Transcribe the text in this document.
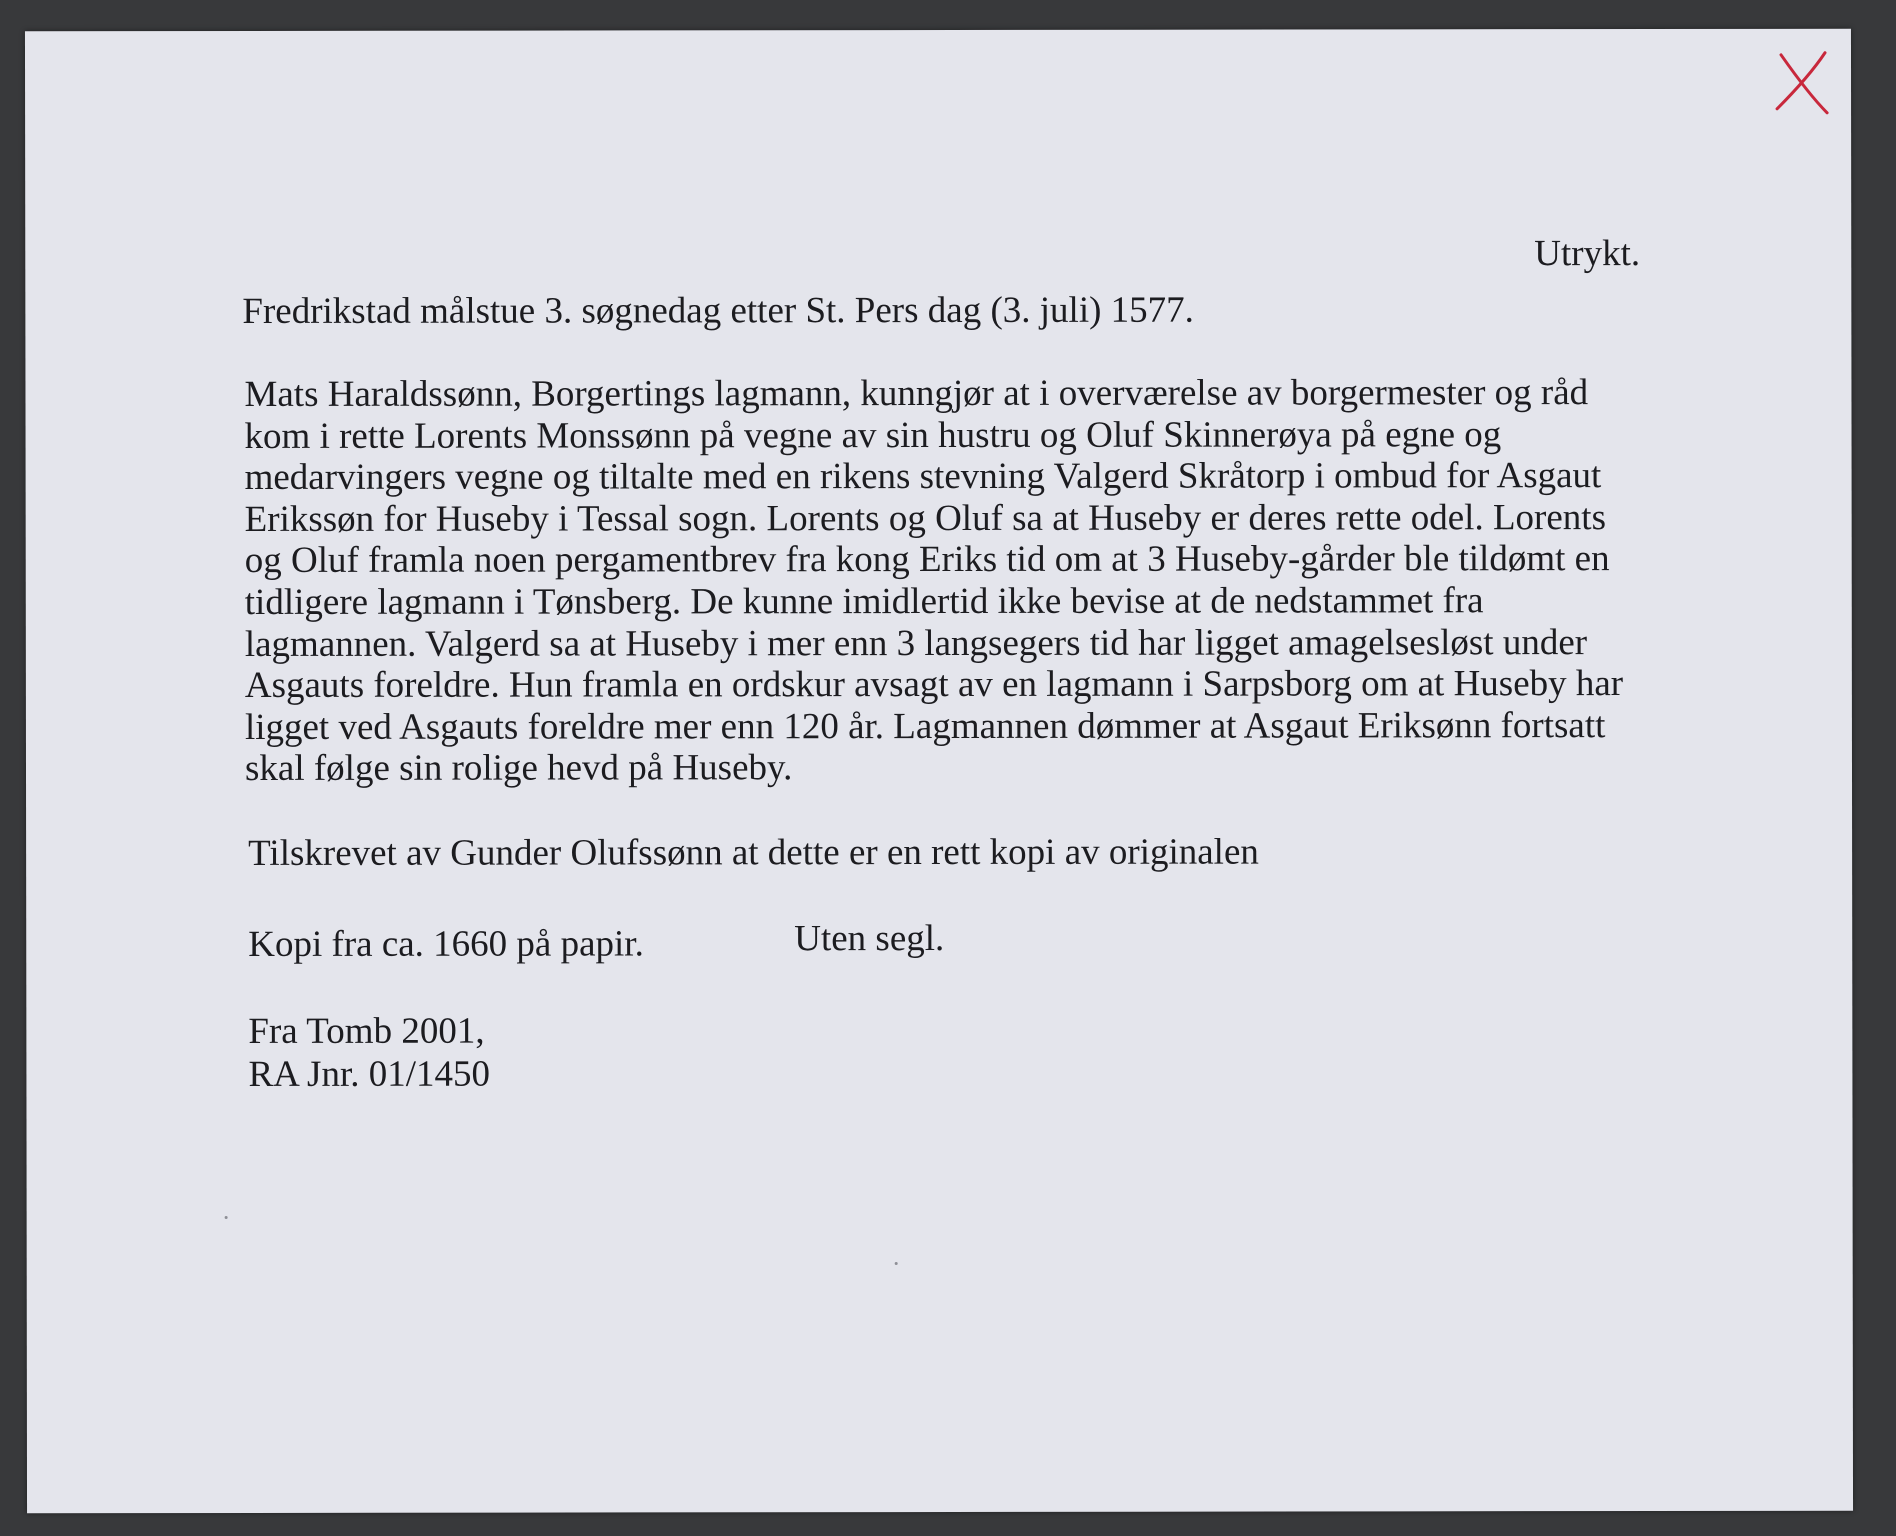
Utrykt.
Fredrikstad målstue 3. søgnedag etter St. Pers dag (3. juli) 1577.
Mats Haraldssønn, Borgertings lagmann, kunngjør at i overværelse av borgermester og råd
kom i rette Lorents Monssønn på vegne av sin hustru og Oluf Skinnerøya på egne og
medarvingers vegne og tiltalte med en rikens stevning Valgerd Skråtorp i ombud for Asgaut
Erikssøn for Huseby i Tessal sogn. Lorents og Oluf sa at Huseby er deres rette odel. Lorents
og Oluf framla noen pergamentbrev fra kong Eriks tid om at 3 Huseby-gårder ble tildømt en
tidligere lagmann i Tønsberg. De kunne imidlertid ikke bevise at de nedstammet fra
lagmannen. Valgerd sa at Huseby i mer enn 3 langsegers tid har ligget amagelsesløst under
Asgauts foreldre. Hun framla en ordskur avsagt av en lagmann i Sarpsborg om at Huseby har
ligget ved Asgauts foreldre mer enn 120 år. Lagmannen dømmer at Asgaut Eriksønn fortsatt
skal følge sin rolige hevd på Huseby.
Tilskrevet av Gunder Olufssønn at dette er en rett kopi av originalen
Kopi fra ca. 1660 på papir.	Uten segl.
Fra Tomb 2001,
RA Jnr. 01/1450
